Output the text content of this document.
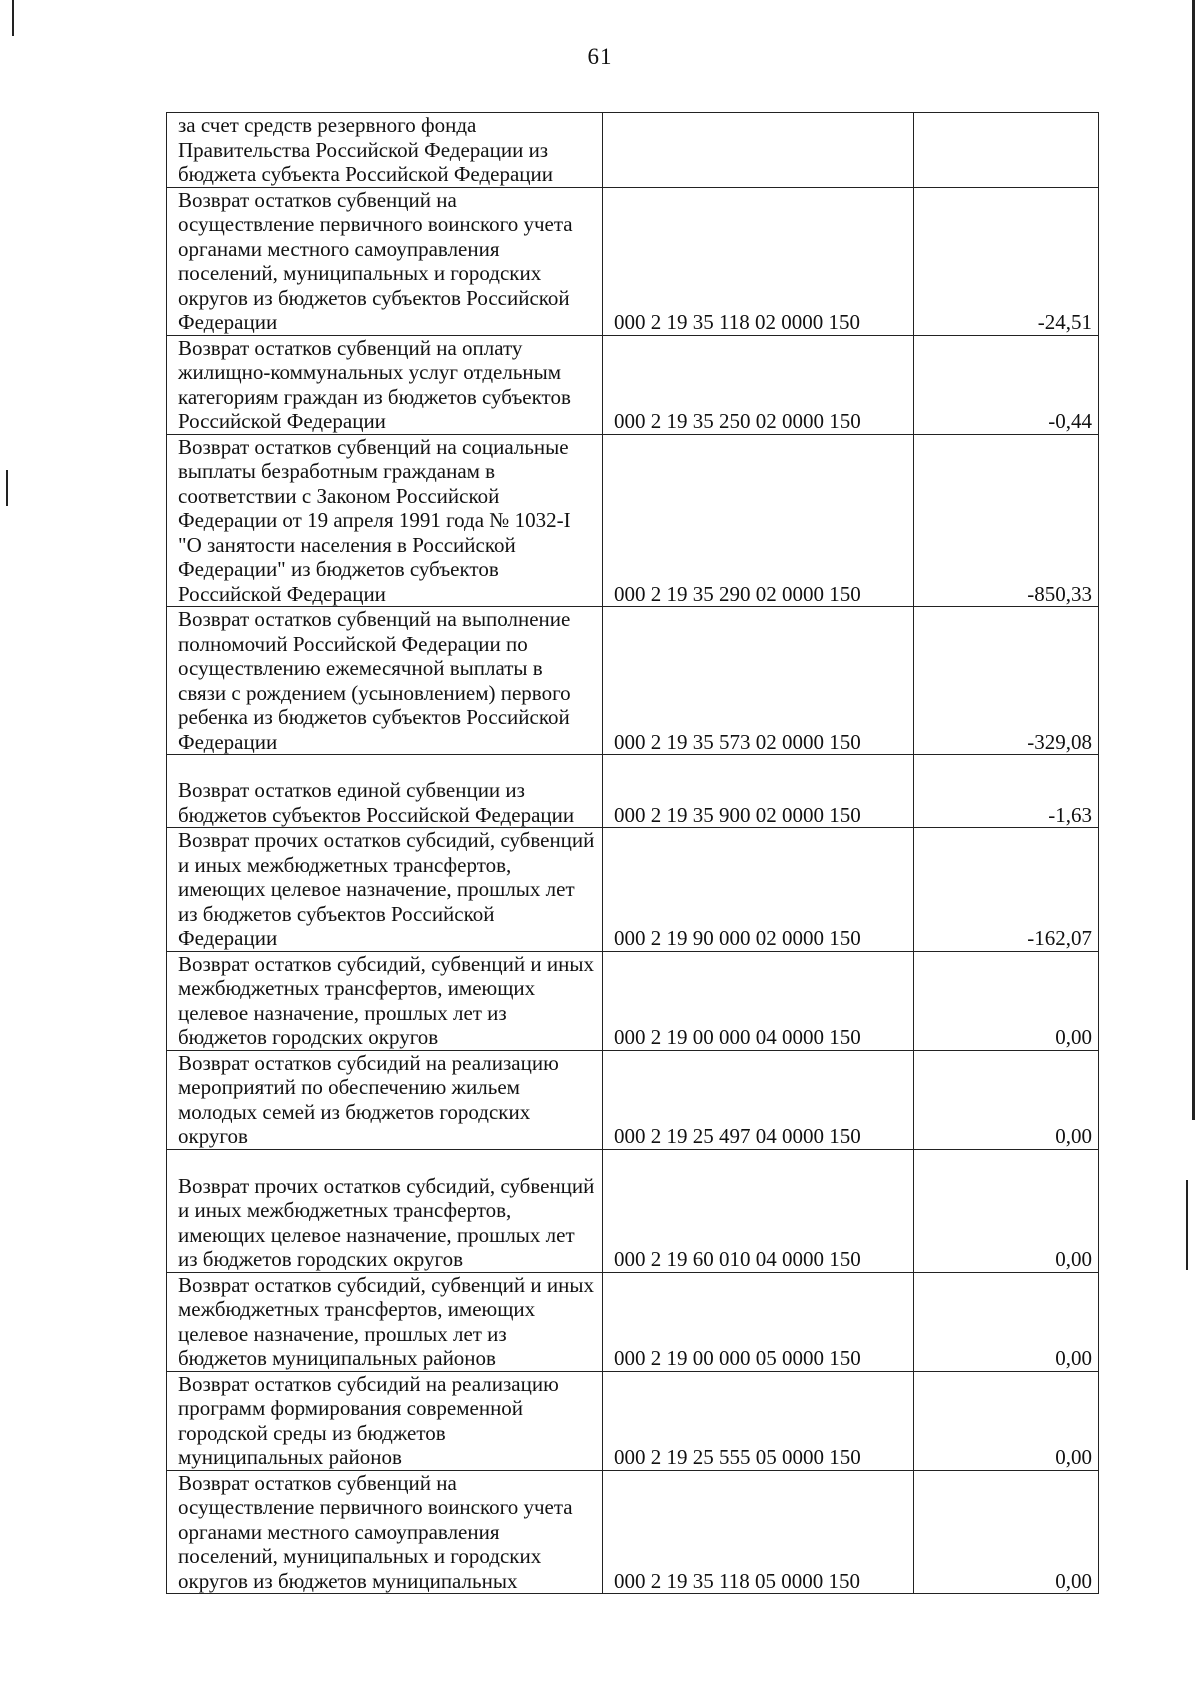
61
за счет средств резервного фонда Правительства Российской Федерации из бюджета субъекта Российской Федерации		
Возврат остатков субвенций на осуществление первичного воинского учета органами местного самоуправления поселений, муниципальных и городских округов из бюджетов субъектов Российской Федерации	000 2 19 35 118 02 0000 150	-24,51
Возврат остатков субвенций на оплату жилищно-коммунальных услуг отдельным категориям граждан из бюджетов субъектов Российской Федерации	000 2 19 35 250 02 0000 150	-0,44
Возврат остатков субвенций на социальные выплаты безработным гражданам в соответствии с Законом Российской Федерации от 19 апреля 1991 года № 1032-I "О занятости населения в Российской Федерации" из бюджетов субъектов Российской Федерации	000 2 19 35 290 02 0000 150	-850,33
Возврат остатков субвенций на выполнение полномочий Российской Федерации по осуществлению ежемесячной выплаты в связи с рождением (усыновлением) первого ребенка из бюджетов субъектов Российской Федерации	000 2 19 35 573 02 0000 150	-329,08
Возврат остатков единой субвенции из бюджетов субъектов Российской Федерации	000 2 19 35 900 02 0000 150	-1,63
Возврат прочих остатков субсидий, субвенций и иных межбюджетных трансфертов, имеющих целевое назначение, прошлых лет из бюджетов субъектов Российской Федерации	000 2 19 90 000 02 0000 150	-162,07
Возврат остатков субсидий, субвенций и иных межбюджетных трансфертов, имеющих целевое назначение, прошлых лет из бюджетов городских округов	000 2 19 00 000 04 0000 150	0,00
Возврат остатков субсидий на реализацию мероприятий по обеспечению жильем молодых семей из бюджетов городских округов	000 2 19 25 497 04 0000 150	0,00
Возврат прочих остатков субсидий, субвенций и иных межбюджетных трансфертов, имеющих целевое назначение, прошлых лет из бюджетов городских округов	000 2 19 60 010 04 0000 150	0,00
Возврат остатков субсидий, субвенций и иных межбюджетных трансфертов, имеющих целевое назначение, прошлых лет из бюджетов муниципальных районов	000 2 19 00 000 05 0000 150	0,00
Возврат остатков субсидий на реализацию программ формирования современной городской среды из бюджетов муниципальных районов	000 2 19 25 555 05 0000 150	0,00
Возврат остатков субвенций на осуществление первичного воинского учета органами местного самоуправления поселений, муниципальных и городских округов из бюджетов муниципальных	000 2 19 35 118 05 0000 150	0,00
